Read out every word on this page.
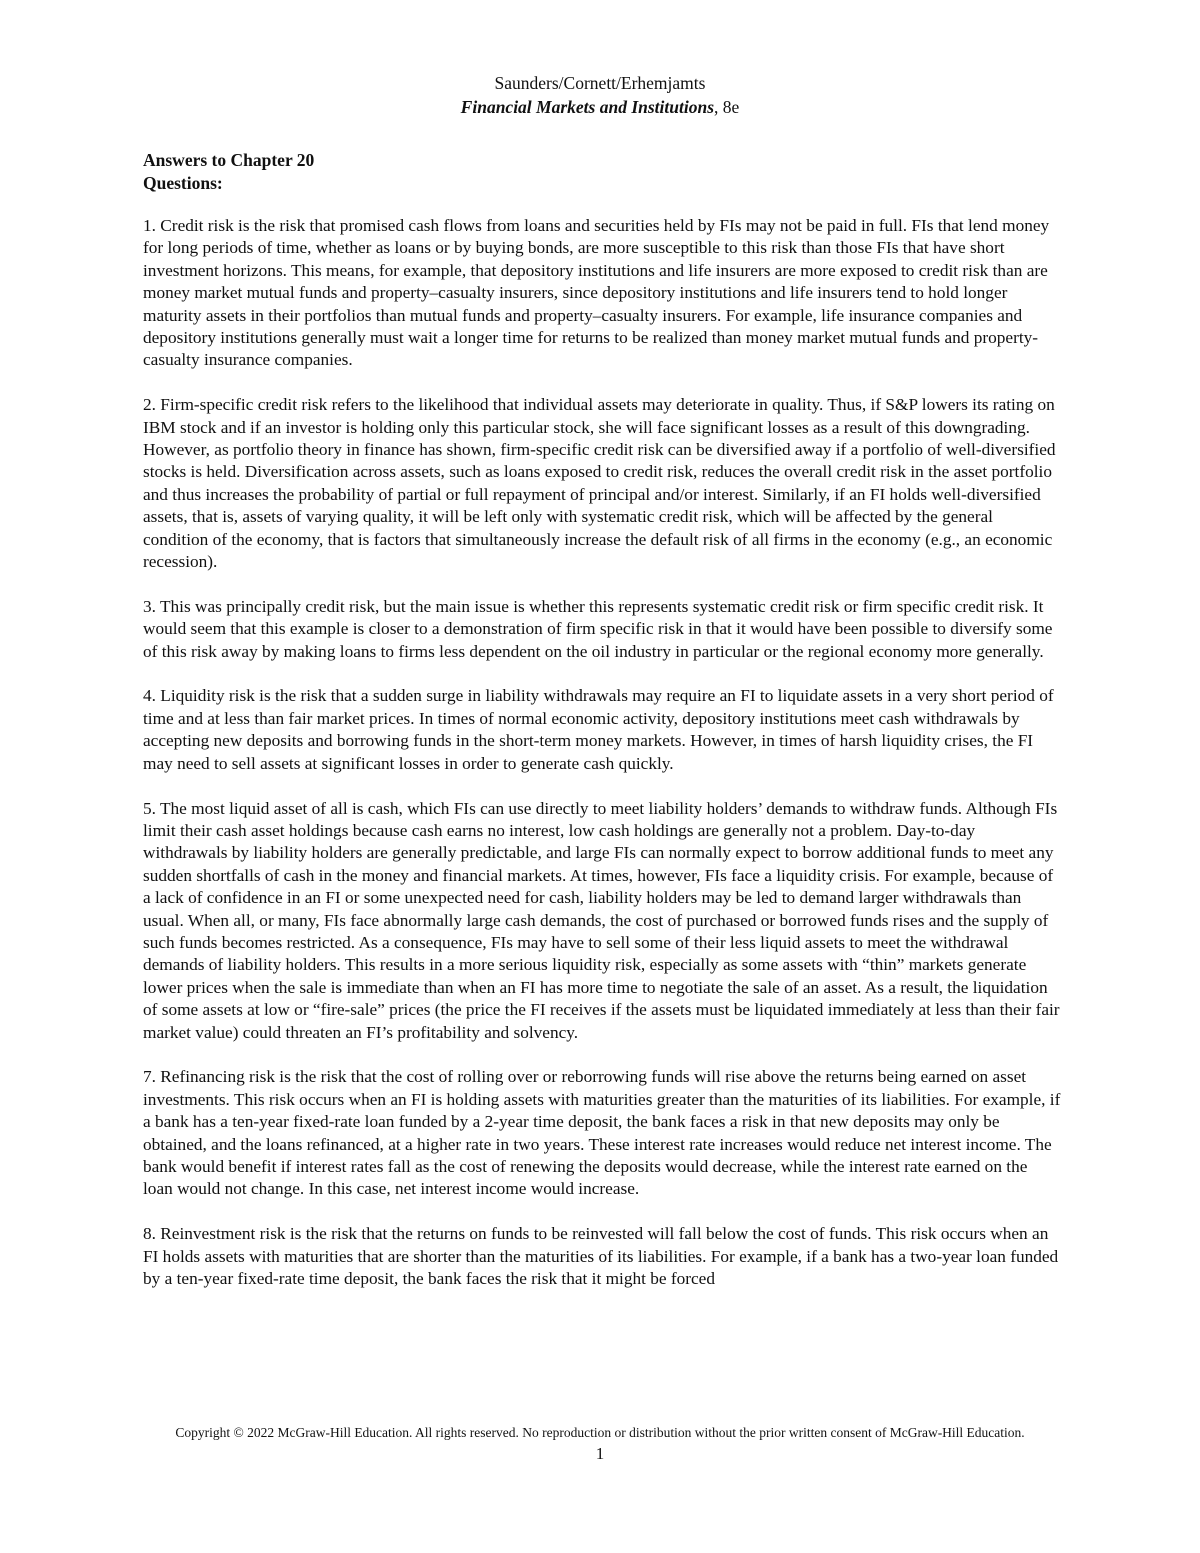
Saunders/Cornett/Erhemjamts
Financial Markets and Institutions, 8e
Answers to Chapter 20
Questions:

1. Credit risk is the risk that promised cash flows from loans and securities held by FIs may not be paid in full. FIs that lend money for long periods of time, whether as loans or by buying bonds, are more susceptible to this risk than those FIs that have short investment horizons. This means, for example, that depository institutions and life insurers are more exposed to credit risk than are money market mutual funds and property–casualty insurers, since depository institutions and life insurers tend to hold longer maturity assets in their portfolios than mutual funds and property–casualty insurers. For example, life insurance companies and depository institutions generally must wait a longer time for returns to be realized than money market mutual funds and property-casualty insurance companies.

2. Firm-specific credit risk refers to the likelihood that individual assets may deteriorate in quality. Thus, if S&P lowers its rating on IBM stock and if an investor is holding only this particular stock, she will face significant losses as a result of this downgrading. However, as portfolio theory in finance has shown, firm-specific credit risk can be diversified away if a portfolio of well-diversified stocks is held. Diversification across assets, such as loans exposed to credit risk, reduces the overall credit risk in the asset portfolio and thus increases the probability of partial or full repayment of principal and/or interest. Similarly, if an FI holds well-diversified assets, that is, assets of varying quality, it will be left only with systematic credit risk, which will be affected by the general condition of the economy, that is factors that simultaneously increase the default risk of all firms in the economy (e.g., an economic recession).

3. This was principally credit risk, but the main issue is whether this represents systematic credit risk or firm specific credit risk. It would seem that this example is closer to a demonstration of firm specific risk in that it would have been possible to diversify some of this risk away by making loans to firms less dependent on the oil industry in particular or the regional economy more generally.

4. Liquidity risk is the risk that a sudden surge in liability withdrawals may require an FI to liquidate assets in a very short period of time and at less than fair market prices. In times of normal economic activity, depository institutions meet cash withdrawals by accepting new deposits and borrowing funds in the short-term money markets. However, in times of harsh liquidity crises, the FI may need to sell assets at significant losses in order to generate cash quickly.

5. The most liquid asset of all is cash, which FIs can use directly to meet liability holders’ demands to withdraw funds. Although FIs limit their cash asset holdings because cash earns no interest, low cash holdings are generally not a problem. Day-to-day withdrawals by liability holders are generally predictable, and large FIs can normally expect to borrow additional funds to meet any sudden shortfalls of cash in the money and financial markets. At times, however, FIs face a liquidity crisis. For example, because of a lack of confidence in an FI or some unexpected need for cash, liability holders may be led to demand larger withdrawals than usual. When all, or many, FIs face abnormally large cash demands, the cost of purchased or borrowed funds rises and the supply of such funds becomes restricted. As a consequence, FIs may have to sell some of their less liquid assets to meet the withdrawal demands of liability holders. This results in a more serious liquidity risk, especially as some assets with “thin” markets generate lower prices when the sale is immediate than when an FI has more time to negotiate the sale of an asset. As a result, the liquidation of some assets at low or “fire-sale” prices (the price the FI receives if the assets must be liquidated immediately at less than their fair market value) could threaten an FI’s profitability and solvency.

7. Refinancing risk is the risk that the cost of rolling over or reborrowing funds will rise above the returns being earned on asset investments. This risk occurs when an FI is holding assets with maturities greater than the maturities of its liabilities. For example, if a bank has a ten-year fixed-rate loan funded by a 2-year time deposit, the bank faces a risk in that new deposits may only be obtained, and the loans refinanced, at a higher rate in two years. These interest rate increases would reduce net interest income. The bank would benefit if interest rates fall as the cost of renewing the deposits would decrease, while the interest rate earned on the loan would not change. In this case, net interest income would increase.

8. Reinvestment risk is the risk that the returns on funds to be reinvested will fall below the cost of funds. This risk occurs when an FI holds assets with maturities that are shorter than the maturities of its liabilities. For example, if a bank has a two-year loan funded by a ten-year fixed-rate time deposit, the bank faces the risk that it might be forced

Copyright © 2022 McGraw-Hill Education. All rights reserved. No reproduction or distribution without the prior written consent of McGraw-Hill Education.
1
